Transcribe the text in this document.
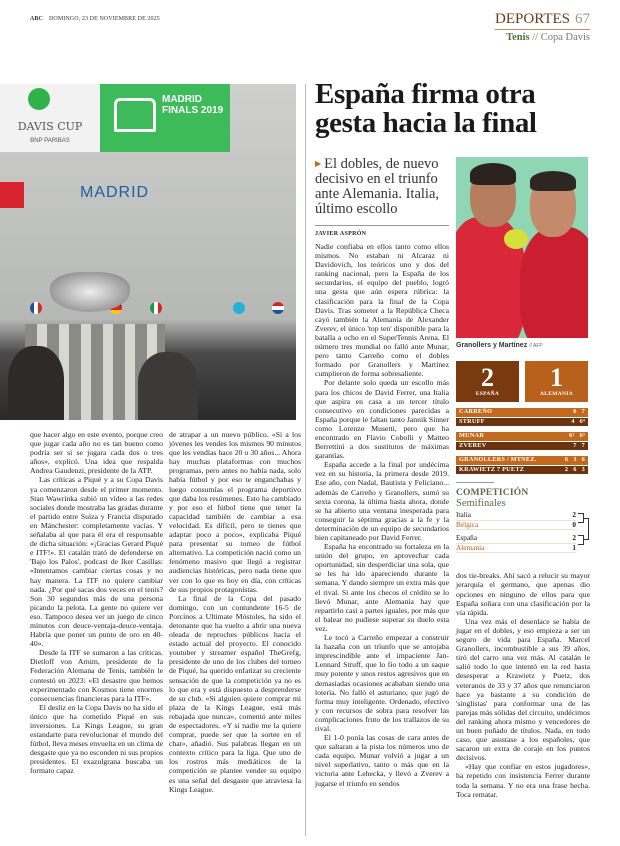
ABC DOMINGO, 23 DE NOVIEMBRE DE 2025	DEPORTES 67
Tenis // Copa Davis
DAVIS CUP
BNP PARIBAS
MADRID FINALS 2019
MADRID

que hacer algo en este evento, porque creo que jugar cada año no es tan bueno como podría ser si se jugara cada dos o tres años», explicó. Una idea que respalda Andrea Gaudenzi, presidente de la ATP.

Las críticas a Piqué y a su Copa Davis ya comenzaron desde el primer momento. Stan Wawrinka subió un vídeo a las redes sociales donde mostraba las gradas durante el partido entre Suiza y Francia disputado en Mánchester: completamente vacías. Y señalaba al que para él era el responsable de dicha situación: «¡Gracias Gerard Piqué e ITF!». El catalán trató de defenderse en 'Bajo los Palos', podcast de Iker Casillas: «Intentamos cambiar ciertas cosas y no hay manera. La ITF no quiere cambiar nada. ¿Por qué sacas dos veces en el tenis? Son 30 segundos más de una persona picando la pelota. La gente no quiere ver eso. Tampoco desea ver un juego de cinco minutos con deuce-ventaja-deuce-ventaja. Habría que poner un punto de oro en 40-40».

Desde la ITF se sumaron a las críticas. Dietloff von Arnim, presidente de la Federación Alemana de Tenis, también le contestó en 2023: «El desastre que hemos experimentado con Kosmos tiene enormes consecuencias financieras para la ITF».

El desliz en la Copa Davis no ha sido el único que ha cometido Piqué en sus inversiones. La Kings League, su gran estandarte para revolucionar el mundo del fútbol, lleva meses envuelta en un clima de desgaste que ya no esconden ni sus propios presidentes. El exazulgrana buscaba un formato capaz

de atrapar a un nuevo público. «Si a los jóvenes les vendes los mismos 90 minutos que les vendías hace 20 o 30 años... Ahora hay muchas plataformas con muchos programas, pero antes no había nada, solo había fútbol y por eso te enganchabas y luego consumías el programa deportivo que daba los resúmenes. Esto ha cambiado y por eso el fútbol tiene que tener la capacidad también de cambiar a esa velocidad. Es difícil, pero te tienes que adaptar poco a poco», explicaba Piqué para presentar su torneo de fútbol alternativo. La competición nació como un fenómeno masivo que llegó a registrar audiencias históricas, pero nada tiene que ver con lo que es hoy en día, con críticas de sus propios protagonistas.

La final de la Copa del pasado domingo, con un contundente 16-5 de Porcinos a Ultimate Móstoles, ha sido el detonante que ha vuelto a abrir una nueva oleada de reproches públicos hacia el estado actual del proyecto. El conocido youtuber y streamer español TheGrefg, presidente de uno de los clubes del torneo de Piqué, ha querido enfatizar su creciente sensación de que la competición ya no es lo que era y está dispuesto a desprenderse de su club. «Si alguien quiere comprar mi plaza de la Kings League, está más rebajada que nunca», comentó ante miles de espectadores. «Y si nadie me la quiere comprar, puede ser que la sortee en el chat», añadió. Sus palabras llegan en un contexto crítico para la liga. Que uno de los rostros más mediáticos de la competición se plantee vender su equipo es una señal del desgaste que atraviesa la Kings League.

España firma otra gesta hacia la final
▶ El dobles, de nuevo decisivo en el triunfo ante Alemania. Italia, último escollo
JAVIER ASPRÓN

Nadie confiaba en ellos tanto como ellos mismos. No estaban ni Alcaraz ni Davidovich, los teóricos uno y dos del ranking nacional, pero la España de los secundarios, el equipo del pueblo, logró una gesta que aún espera rúbrica: la clasificación para la final de la Copa Davis. Tras someter a la República Checa cayó también la Alemania de Alexander Zverev, el único 'top ten' disponible para la batalla a ocho en el SuperTennis Arena. El número tres mundial no falló ante Munar, pero tanto Carreño como el dobles formado por Granollers y Martínez cumplieron de forma sobresaliente.

Por delante solo queda un escollo más para los chicos de David Ferrer, una Italia que aspira en casa a un tercer título consecutivo en condiciones parecidas a España porque le faltan tanto Jannik Sinner como Lorenzo Musetti, pero que ha encontrado en Flavio Cobolli y Matteo Berrettini a dos sustitutos de máximas garantías.

España accede a la final por undécima vez en su historia, la primera desde 2019. Ese año, con Nadal, Bautista y Feliciano... además de Carreño y Granollers, sumó su sexta corona, la última hasta ahora, donde se ha abierto una ventana inesperada para conseguir la séptima gracias a la fe y la determinación de un equipo de secundarios bien capitaneado por David Ferrer.

España ha encontrado su fortaleza en la unión del grupo, en aprovechar cada oportunidad, sin desperdiciar una sola, que se les ha ido apareciendo durante la semana. Y dando siempre un extra más que el rival. Si ante los checos el crédito se lo llevó Munar, ante Alemania hay que repartirlo casi a partes iguales, por más que el balear no pudiese superar su duelo esta vez.

Le tocó a Carreño empezar a construir la hazaña con un triunfo que se antojaba imprescindible ante el impaciente Jan-Lennard Struff, que lo fio todo a un saque muy potente y unos restos agresivos que en demasiadas ocasiones acababan siendo una lotería. No falló el asturiano, que jugó de forma muy inteligente. Ordenado, efectivo y con recursos de sobra para resolver las complicaciones fruto de los trallazos de su rival.

El 1-0 ponía las cosas de cara antes de que saltaran a la pista los números uno de cada equipo. Munar volvió a jugar a un nivel superlativo, tanto o más que en la victoria ante Lehecka, y llevó a Zverev a jugarse el triunfo en sendos

Granollers y Martínez // AFP
2
ESPAÑA
1
ALEMANIA
CARREÑO	6 7
STRUFF	4 6⁴
MUNAR	6² 6³
ZVEREV	7 7
GRANOLLERS / MTNEZ.	6 3 6
KRAWIETZ 7 PUETZ	2 6 3
COMPETICIÓN
Semifinales
Italia	2
Bélgica	0
España	2
Alemania	1

dos tie-breaks. Ahí sacó a relucir su mayor jerarquía el germano, que apenas dio opciones en ninguno de ellos para que España soñara con una clasificación por la vía rápida.

Una vez más el desenlace se había de jugar en el dobles, y eso empieza a ser un seguro de vida para España. Marcel Granollers, incombustible a sus 39 años, tiró del carro una vez más. Al catalán le salió todo lo que intentó en la red hasta desesperar a Krawietz y Puetz, dos veteranos de 33 y 37 años que renunciaron hace ya bastante a su condición de 'singlistas' para conformar una de las parejas más sólidas del circuito, undécimos del ranking ahora mismo y vencedores de un buen puñado de títulos. Nada, en todo caso, que asustase a los españoles, que sacaron un extra de coraje en los puntos decisivos.

«Hay que confiar en estos jugadores», ha repetido con insistencia Ferrer durante toda la semana. Y no era una frase hecha. Toca rematar.
